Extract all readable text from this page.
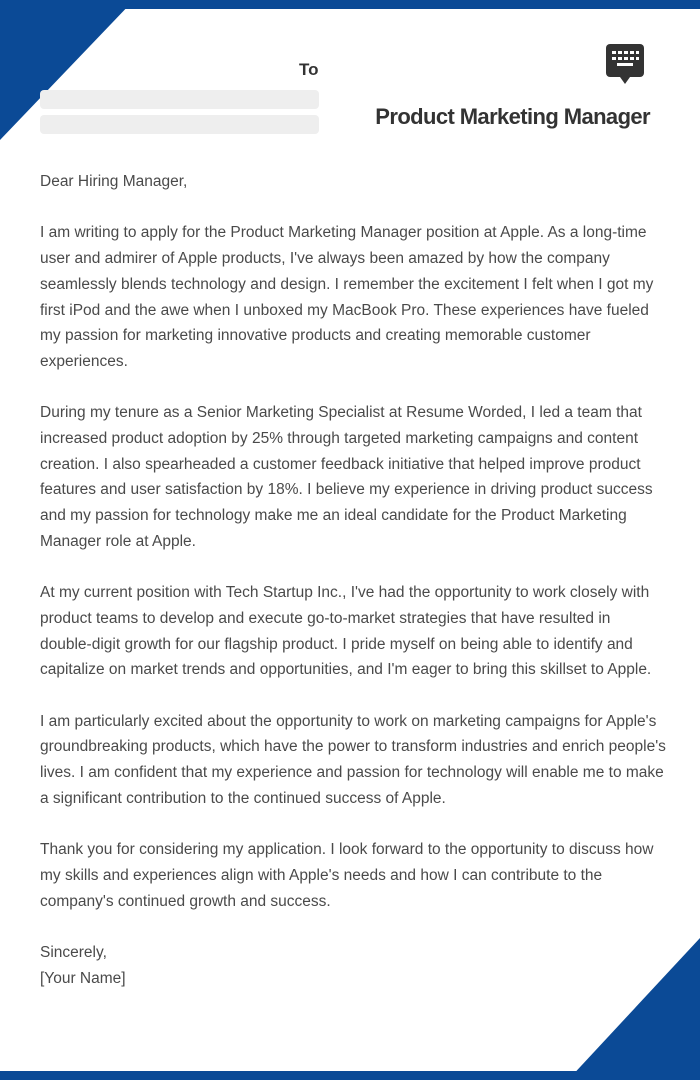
To
Product Marketing Manager

Dear Hiring Manager,

I am writing to apply for the Product Marketing Manager position at Apple. As a long-time user and admirer of Apple products, I've always been amazed by how the company seamlessly blends technology and design. I remember the excitement I felt when I got my first iPod and the awe when I unboxed my MacBook Pro. These experiences have fueled my passion for marketing innovative products and creating memorable customer experiences.

During my tenure as a Senior Marketing Specialist at Resume Worded, I led a team that increased product adoption by 25% through targeted marketing campaigns and content creation. I also spearheaded a customer feedback initiative that helped improve product features and user satisfaction by 18%. I believe my experience in driving product success and my passion for technology make me an ideal candidate for the Product Marketing Manager role at Apple.

At my current position with Tech Startup Inc., I've had the opportunity to work closely with product teams to develop and execute go-to-market strategies that have resulted in double-digit growth for our flagship product. I pride myself on being able to identify and capitalize on market trends and opportunities, and I'm eager to bring this skillset to Apple.

I am particularly excited about the opportunity to work on marketing campaigns for Apple's groundbreaking products, which have the power to transform industries and enrich people's lives. I am confident that my experience and passion for technology will enable me to make a significant contribution to the continued success of Apple.

Thank you for considering my application. I look forward to the opportunity to discuss how my skills and experiences align with Apple's needs and how I can contribute to the company's continued growth and success.

Sincerely,

[Your Name]
